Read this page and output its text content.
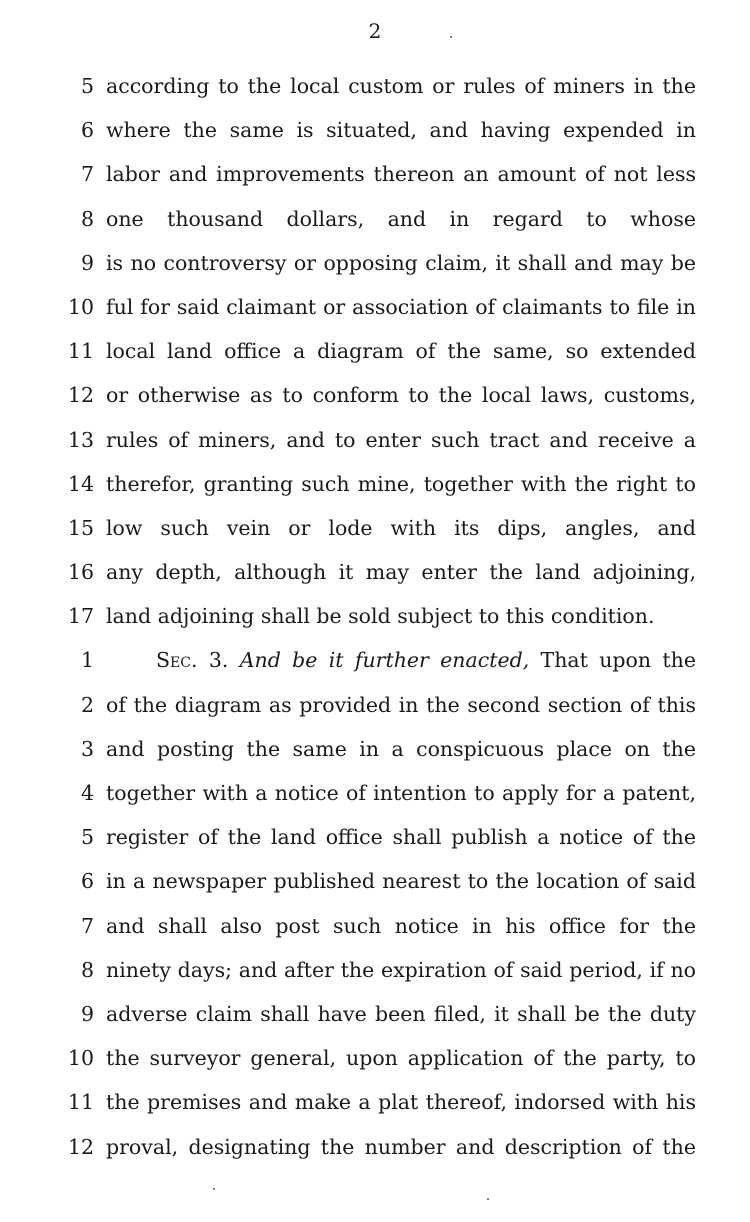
2
5 according to the local custom or rules of miners in the
6 where the same is situated, and having expended in
7 labor and improvements thereon an amount of not less
8 one thousand dollars, and in regard to whose
9 is no controversy or opposing claim, it shall and may be
10 ful for said claimant or association of claimants to file in
11 local land office a diagram of the same, so extended
12 or otherwise as to conform to the local laws, customs,
13 rules of miners, and to enter such tract and receive a
14 therefor, granting such mine, together with the right to
15 low such vein or lode with its dips, angles, and
16 any depth, although it may enter the land adjoining,
17 land adjoining shall be sold subject to this condition.
1	Sec. 3. And be it further enacted, That upon the
2 of the diagram as provided in the second section of this
3 and posting the same in a conspicuous place on the
4 together with a notice of intention to apply for a patent,
5 register of the land office shall publish a notice of the
6 in a newspaper published nearest to the location of said
7 and shall also post such notice in his office for the
8 ninety days; and after the expiration of said period, if no
9 adverse claim shall have been filed, it shall be the duty
10 the surveyor general, upon application of the party, to
11 the premises and make a plat thereof, indorsed with his
12 proval, designating the number and description of the
